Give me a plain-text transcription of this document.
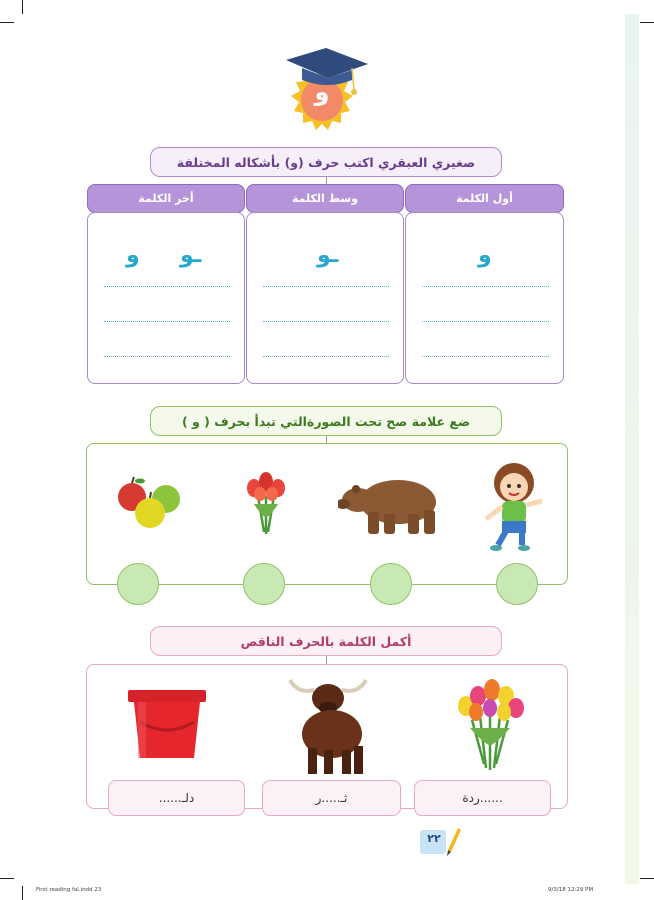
و
صغيري العبقري اكتب حرف (و) بأشكاله المختلفة
أول الكلمة
وسط الكلمة
أخر الكلمة
و
ـو
ـو
و
ضع علامة صح تحت الصورةالتي تبدأ بحرف ( و )
أكمل الكلمة بالحرف الناقص
......ردة
ثـ.....ر
دلـ......
٢٢
First reading fal.indd 23	9/3/18 12:29 PM
